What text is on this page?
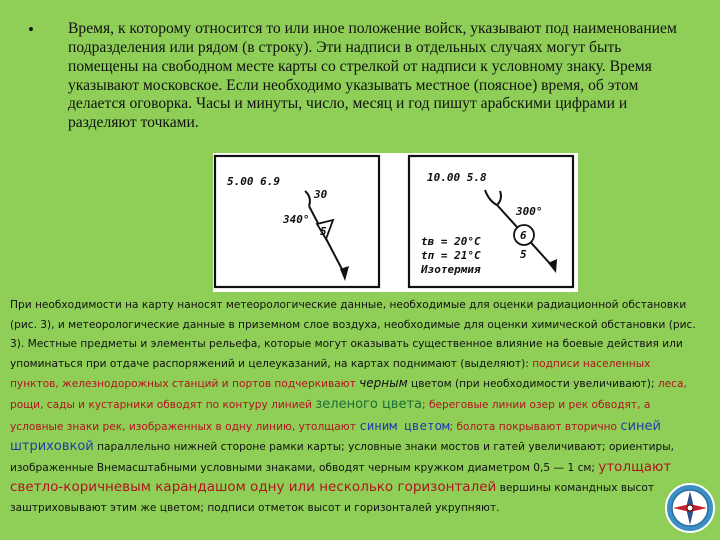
• Время, к которому относится то или иное положение войск, указывают под наименованием подразделения или рядом (в строку). Эти надписи в отдельных случаях могут быть помещены на свободном месте карты со стрелкой от надписи к условному знаку. Время указывают московское. Если необходимо указывать местное (поясное) время, об этом делается оговорка. Часы и минуты, число, месяц и год пишут арабскими цифрами и разделяют точками.
5.00 6.9
30
340°
5
10.00 5.8
300°
6
5
tв = 20°C
tп = 21°C
Изотермия

При необходимости на карту наносят метеорологические данные, необходимые для оценки радиационной обстановки (рис. 3), и метеорологические данные в приземном слое воздуха, необходимые для оценки химической обстановки (рис. 3). Местные предметы и элементы рельефа, которые могут оказывать существенное влияние на боевые действия или упоминаться при отдаче распоряжений и целеуказаний, на картах поднимают (выделяют): подписи населенных пунктов, железнодорожных станций и портов подчеркивают черным цветом (при необходимости увеличивают); леса, рощи, сады и кустарники обводят по контуру линией зеленого цвета; береговые линии озер и рек обводят, а условные знаки рек, изображенных в одну линию, утолщают синим цветом; болота покрывают вторично синей штриховкой параллельно нижней стороне рамки карты; условные знаки мостов и гатей увеличивают; ориентиры, изображенные Внемасштабными условными знаками, обводят черным кружком диаметром 0,5 — 1 см; утолщают светло-коричневым карандашом одну или несколько горизонталей вершины командных высот заштриховывают этим же цветом; подписи отметок высот и горизонталей укрупняют.
